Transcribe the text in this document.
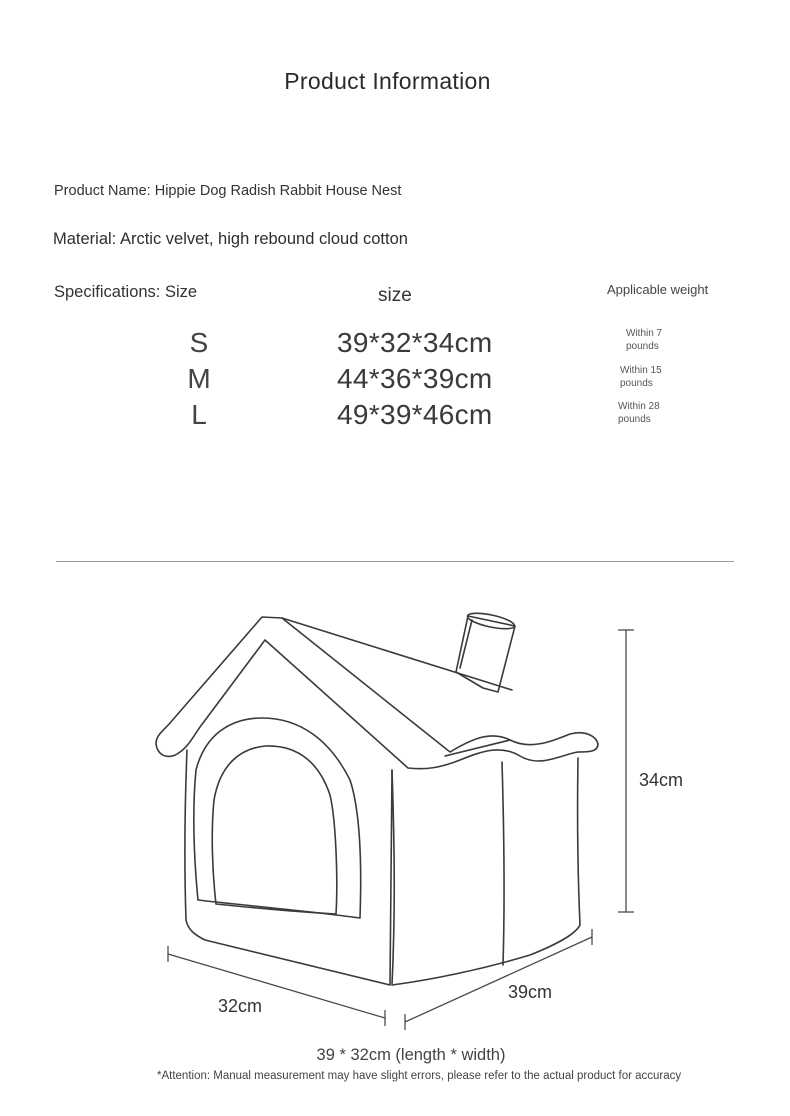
Product Information
Product Name: Hippie Dog Radish Rabbit House Nest
Material: Arctic velvet, high rebound cloud cotton
Specifications: Size	size	Applicable weight
S	39*32*34cm	Within 7 pounds
M	44*36*39cm	Within 15 pounds
L	49*39*46cm	Within 28 pounds
34cm
39cm
32cm
39 * 32cm (length * width)
*Attention: Manual measurement may have slight errors, please refer to the actual product for accuracy
